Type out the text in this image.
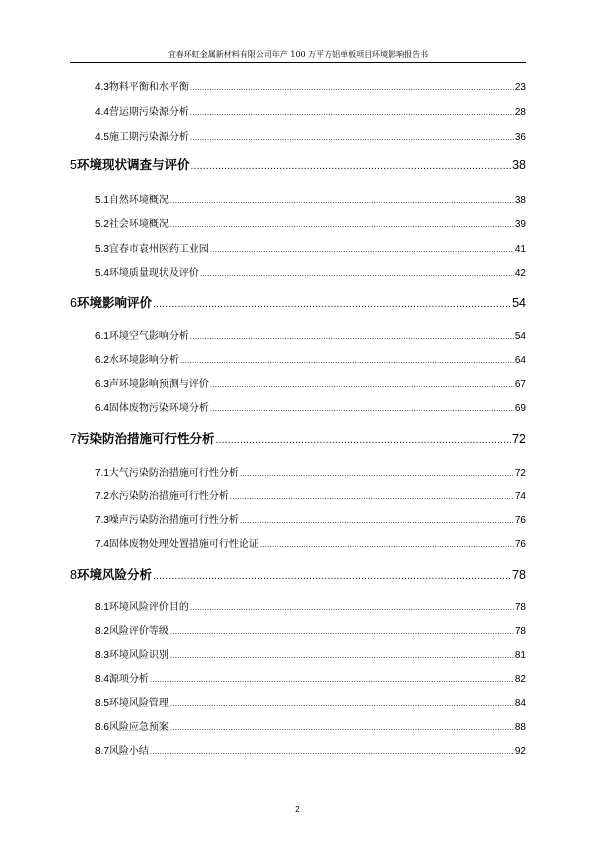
宜春环虹金属新材料有限公司年产 100 万平方铝单板项目环境影响报告书
4.3 物料平衡和水平衡 .....	23
4.4 营运期污染源分析 .....	28
4.5 施工期污染源分析 .....	36
5 环境现状调查与评价 .....	38
5.1 自然环境概况 .....	38
5.2 社会环境概况 .....	39
5.3 宜春市袁州医药工业园 .....	41
5.4 环境质量现状及评价 .....	42
6 环境影响评价 .....	54
6.1 环境空气影响分析 .....	54
6.2 水环境影响分析 .....	64
6.3 声环境影响预测与评价 .....	67
6.4 固体废物污染环境分析 .....	69
7 污染防治措施可行性分析 .....	72
7.1 大气污染防治措施可行性分析 .....	72
7.2 水污染防治措施可行性分析 .....	74
7.3 噪声污染防治措施可行性分析 .....	76
7.4 固体废物处理处置措施可行性论证 .....	76
8 环境风险分析 .....	78
8.1 环境风险评价目的 .....	78
8.2 风险评价等级 .....	78
8.3 环境风险识别 .....	81
8.4 源项分析 .....	82
8.5 环境风险管理 .....	84
8.6 风险应急预案 .....	88
8.7 风险小结 .....	92
2
